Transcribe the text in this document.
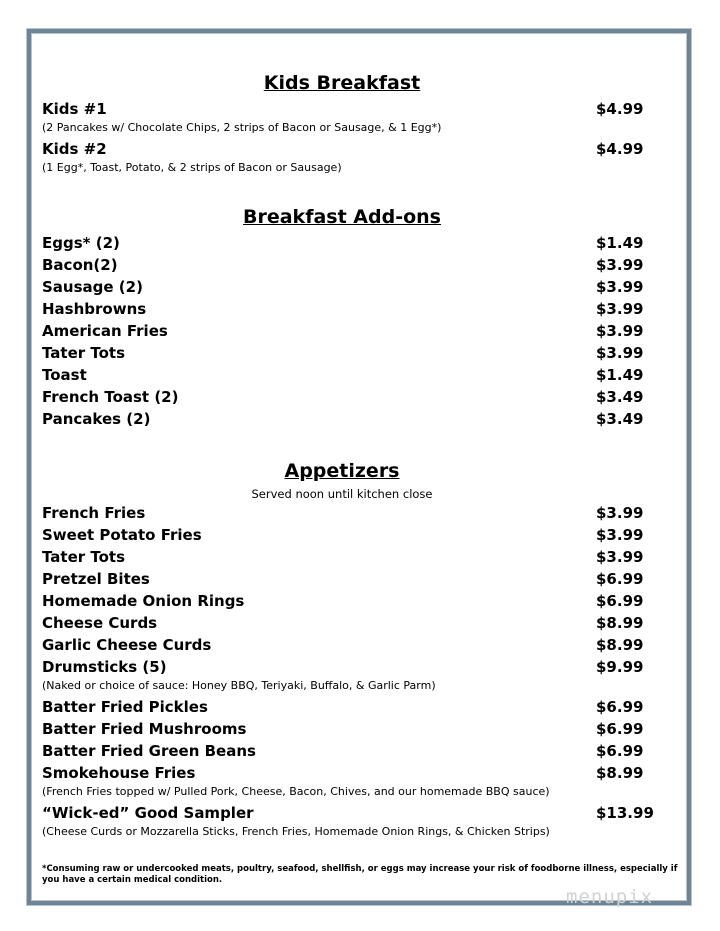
Kids Breakfast
Kids #1	$4.99
(2 Pancakes w/ Chocolate Chips, 2 strips of Bacon or Sausage, & 1 Egg*)
Kids #2	$4.99
(1 Egg*, Toast, Potato, & 2 strips of Bacon or Sausage)
Breakfast Add-ons
Eggs* (2)	$1.49
Bacon(2)	$3.99
Sausage (2)	$3.99
Hashbrowns	$3.99
American Fries	$3.99
Tater Tots	$3.99
Toast	$1.49
French Toast (2)	$3.49
Pancakes (2)	$3.49
Appetizers
Served noon until kitchen close
French Fries	$3.99
Sweet Potato Fries	$3.99
Tater Tots	$3.99
Pretzel Bites	$6.99
Homemade Onion Rings	$6.99
Cheese Curds	$8.99
Garlic Cheese Curds	$8.99
Drumsticks (5)	$9.99
(Naked or choice of sauce: Honey BBQ, Teriyaki, Buffalo, & Garlic Parm)
Batter Fried Pickles	$6.99
Batter Fried Mushrooms	$6.99
Batter Fried Green Beans	$6.99
Smokehouse Fries	$8.99
(French Fries topped w/ Pulled Pork, Cheese, Bacon, Chives, and our homemade BBQ sauce)
“Wick-ed” Good Sampler	$13.99
(Cheese Curds or Mozzarella Sticks, French Fries, Homemade Onion Rings, & Chicken Strips)
*Consuming raw or undercooked meats, poultry, seafood, shellfish, or eggs may increase your risk of foodborne illness, especially if you have a certain medical condition.
menupix
